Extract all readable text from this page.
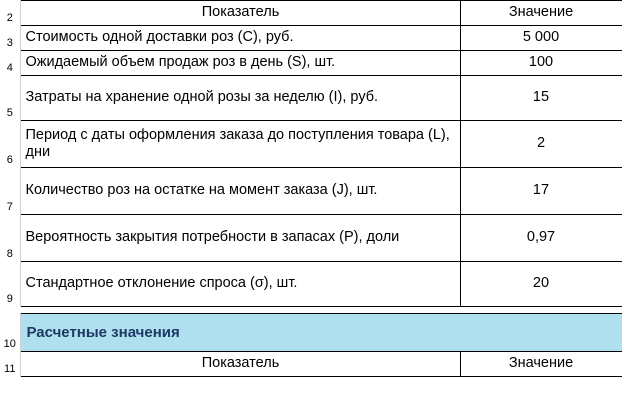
2	Показатель	Значение
3	Стоимость одной доставки роз (C), руб.	5 000
4	Ожидаемый объем продаж роз в день (S), шт.	100
5	Затраты на хранение одной розы за неделю (I), руб.	15
6	Период с даты оформления заказа до поступления товара (L), дни	2
7	Количество роз на остатке на момент заказа (J), шт.	17
8	Вероятность закрытия потребности в запасах (P), доли	0,97
9	Стандартное отклонение спроса (σ), шт.	20

10	Расчетные значения	
11	Показатель	Значение
